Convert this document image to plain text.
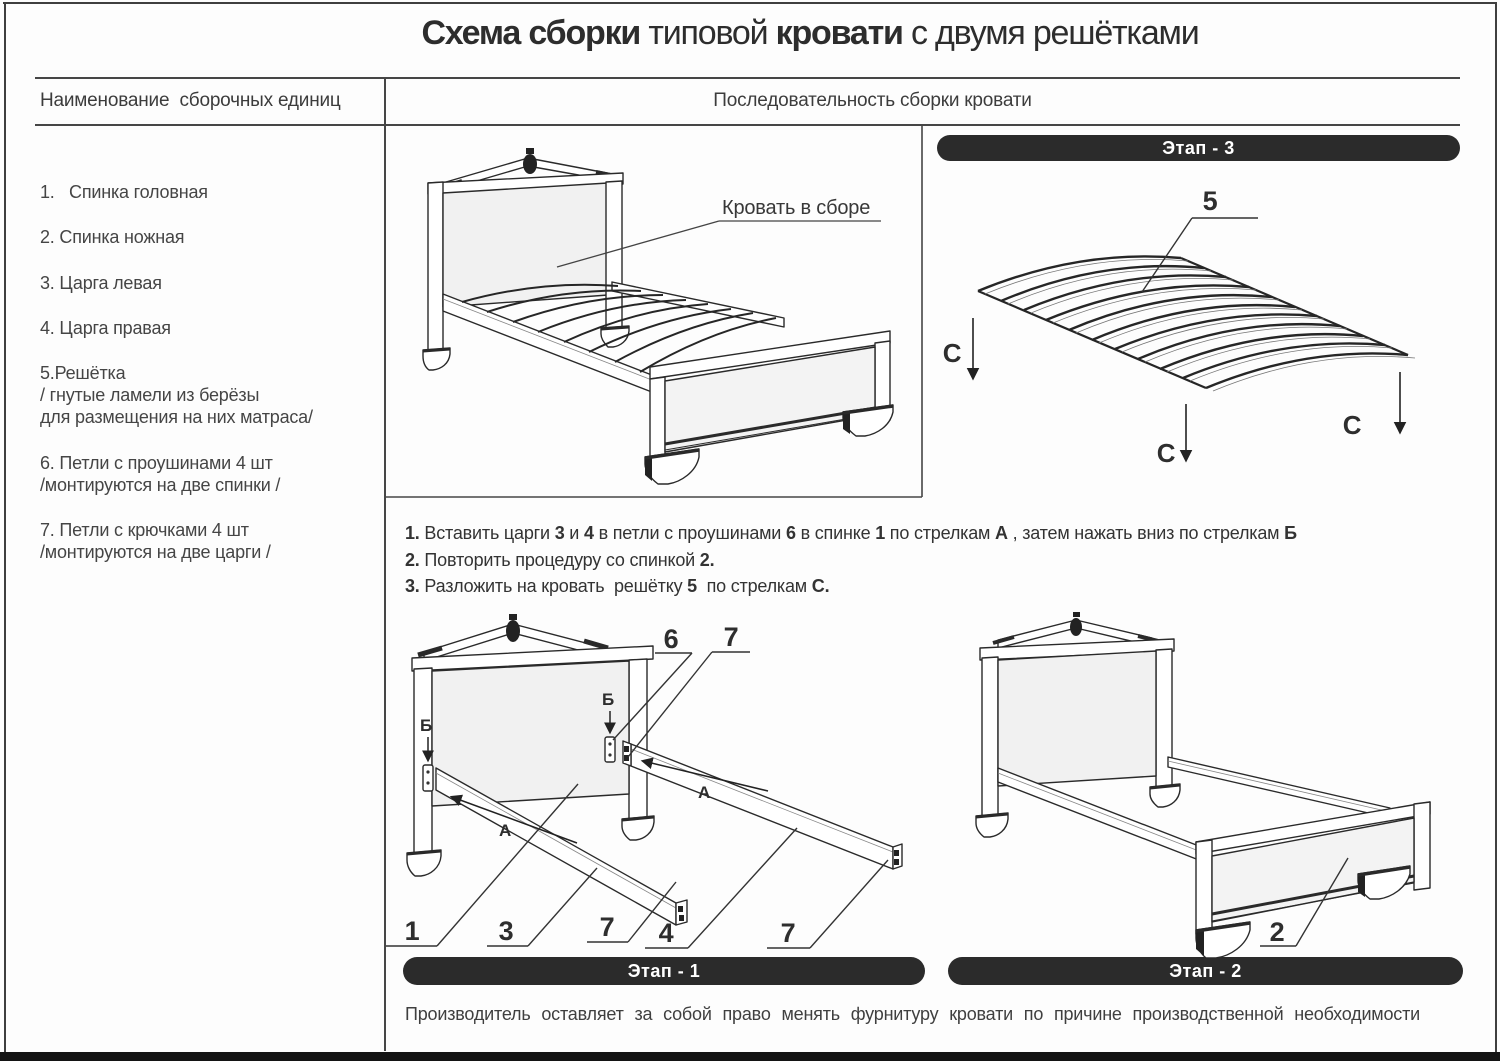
Схема сборки типовой кровати с двумя решётками
Наименование  сборочных единиц	Последовательность сборки кровати
1.   Спинка головная
2. Спинка ножная
3. Царга левая
4. Царга правая
5.Решётка
/ гнутые ламели из берёзы
для размещения на них матраса/
6. Петли с проушинами 4 шт
/монтируются на две спинки /
7. Петли с крючками 4 шт
/монтируются на две царги /
1. Вставить царги 3 и 4 в петли с проушинами 6 в спинке 1 по стрелкам А , затем нажать вниз по стрелкам Б
2. Повторить процедуру со спинкой 2.
3. Разложить на кровать  решётку 5  по стрелкам С.
Производитель оставляет за собой право менять фурнитуру кровати по причине производственной необходимости
Этап - 3
Этап - 1	Этап - 2
Кровать в сборе	5
C
C
C
А
А
Б
Б
6 7
1	3	7 4	7	2
